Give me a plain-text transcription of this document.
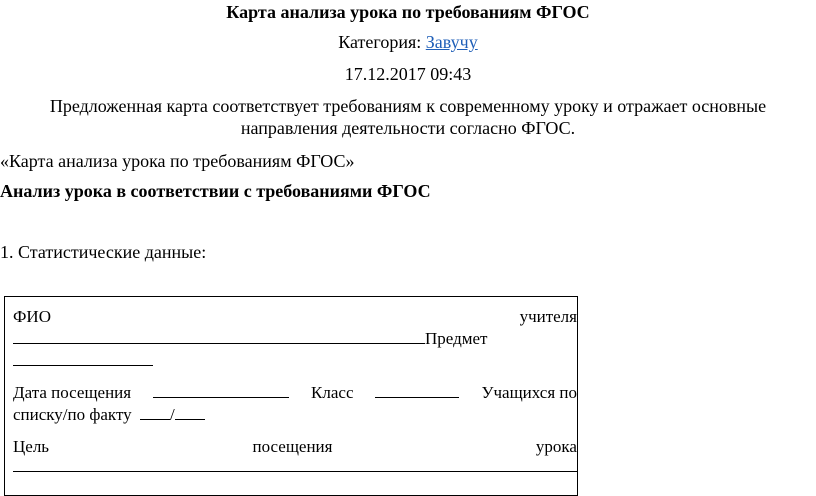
Карта анализа урока по требованиям ФГОС
Категория: Завучу
17.12.2017 09:43
Предложенная карта соответствует требованиям к современному уроку и отражает основные
направления деятельности согласно ФГОС.
«Карта анализа урока по требованиям ФГОС»
Анализ урока в соответствии с требованиями ФГОС
1. Статистические данные:
ФИО	учителя
Предмет
Дата посещения	Класс	Учащихся по
списку/по факту /
Цель	посещения	урока
